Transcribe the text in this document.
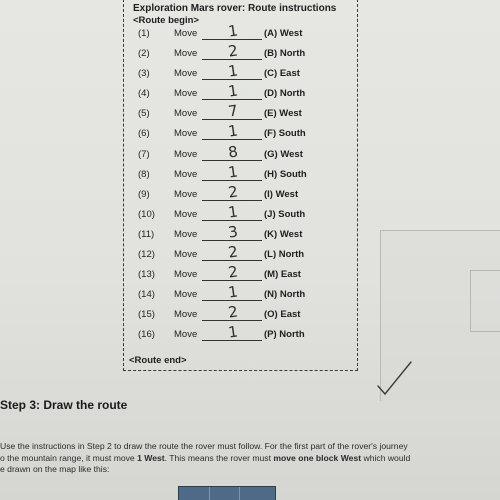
Exploration Mars rover: Route instructions
<Route begin>
(1)	Move	1	(A) West
(2)	Move	2	(B) North
(3)	Move	1	(C) East
(4)	Move	1	(D) North
(5)	Move	7	(E) West
(6)	Move	1	(F) South
(7)	Move	8	(G) West
(8)	Move	1	(H) South
(9)	Move	2	(I) West
(10) Move	1	(J) South
(11) Move	3	(K) West
(12) Move	2	(L) North
(13) Move	2	(M) East
(14) Move	1	(N) North
(15) Move	2	(O) East
(16) Move	1	(P) North
<Route end>
Step 3: Draw the route

Use the instructions in Step 2 to draw the route the rover must follow. For the first part of the rover's journey

o the mountain range, it must move 1 West. This means the rover must move one block West which would

e drawn on the map like this:
